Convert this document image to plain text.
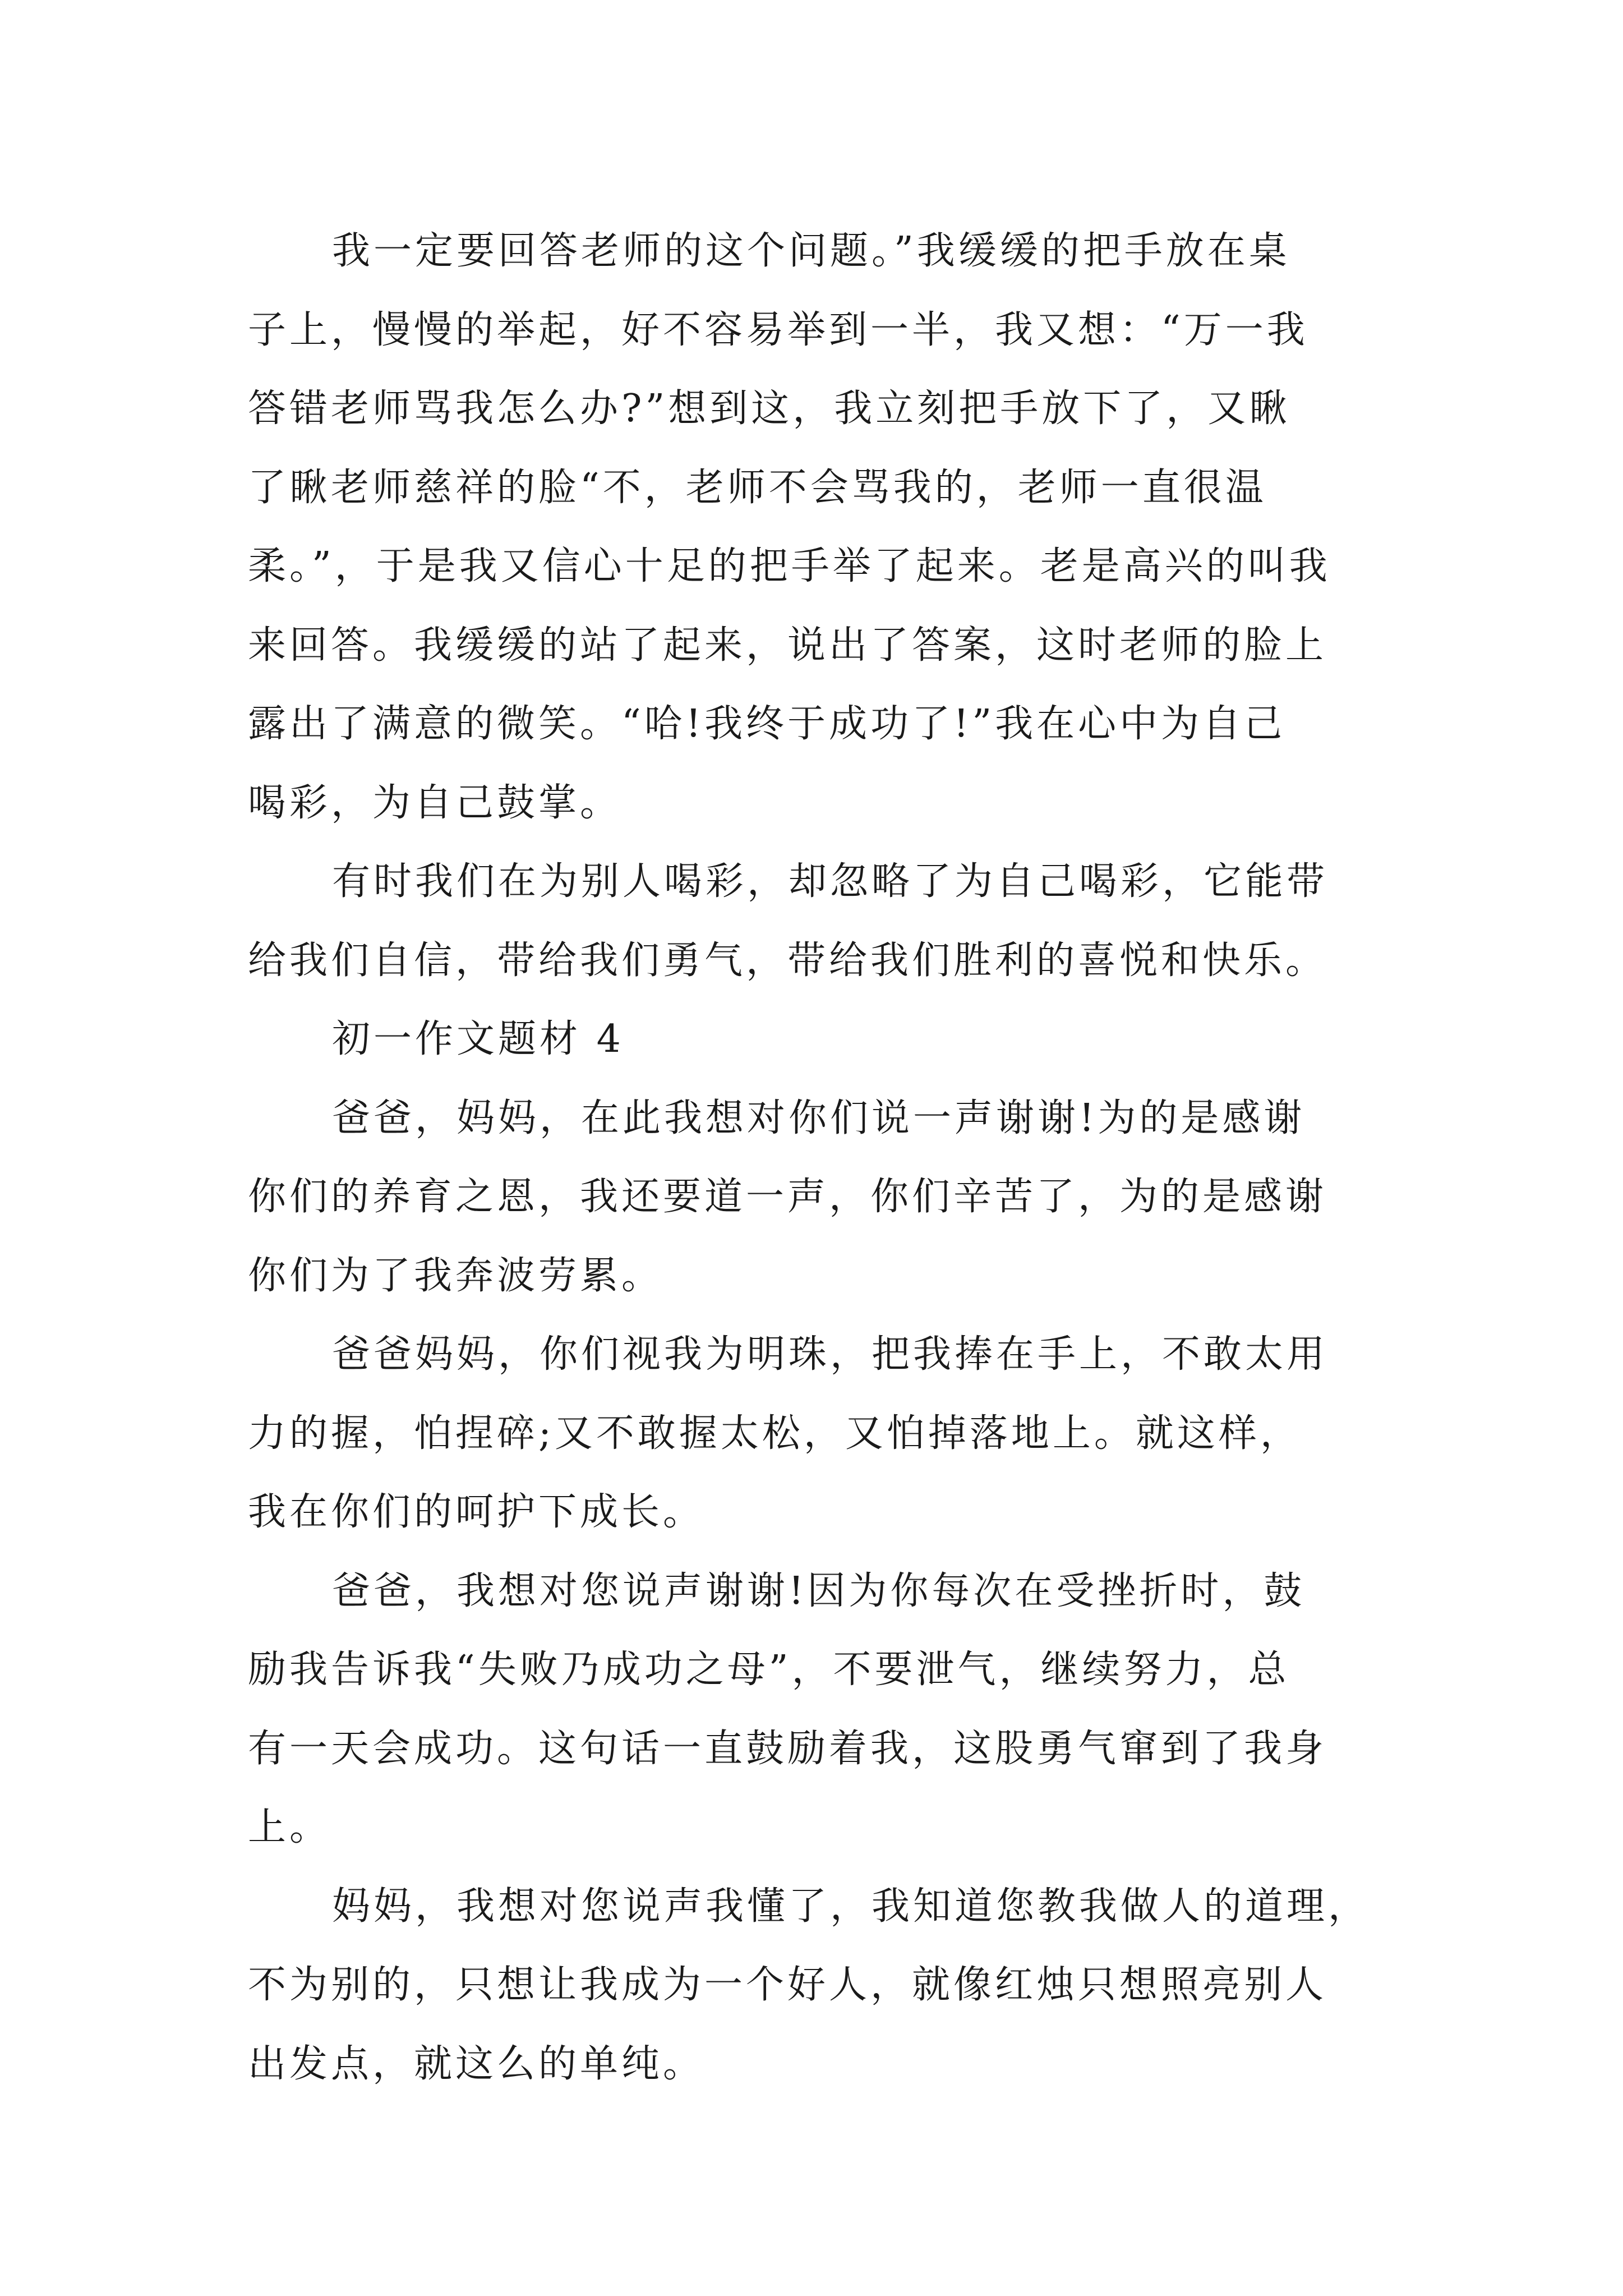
我一定要回答老师的这个问题。”我缓缓的把手放在桌
子上，慢慢的举起，好不容易举到一半，我又想：“万一我
答错老师骂我怎么办?”想到这，我立刻把手放下了，又瞅
了瞅老师慈祥的脸“不，老师不会骂我的，老师一直很温
柔。”，于是我又信心十足的把手举了起来。老是高兴的叫我
来回答。我缓缓的站了起来，说出了答案，这时老师的脸上
露出了满意的微笑。“哈!我终于成功了!”我在心中为自己
喝彩，为自己鼓掌。
有时我们在为别人喝彩，却忽略了为自己喝彩，它能带
给我们自信，带给我们勇气，带给我们胜利的喜悦和快乐。
初一作文题材 4
爸爸，妈妈，在此我想对你们说一声谢谢!为的是感谢
你们的养育之恩，我还要道一声，你们辛苦了，为的是感谢
你们为了我奔波劳累。
爸爸妈妈，你们视我为明珠，把我捧在手上，不敢太用
力的握，怕捏碎;又不敢握太松，又怕掉落地上。就这样，
我在你们的呵护下成长。
爸爸，我想对您说声谢谢!因为你每次在受挫折时，鼓
励我告诉我“失败乃成功之母”，不要泄气，继续努力，总
有一天会成功。这句话一直鼓励着我，这股勇气窜到了我身
上。
妈妈，我想对您说声我懂了，我知道您教我做人的道理，
不为别的，只想让我成为一个好人，就像红烛只想照亮别人
出发点，就这么的单纯。
